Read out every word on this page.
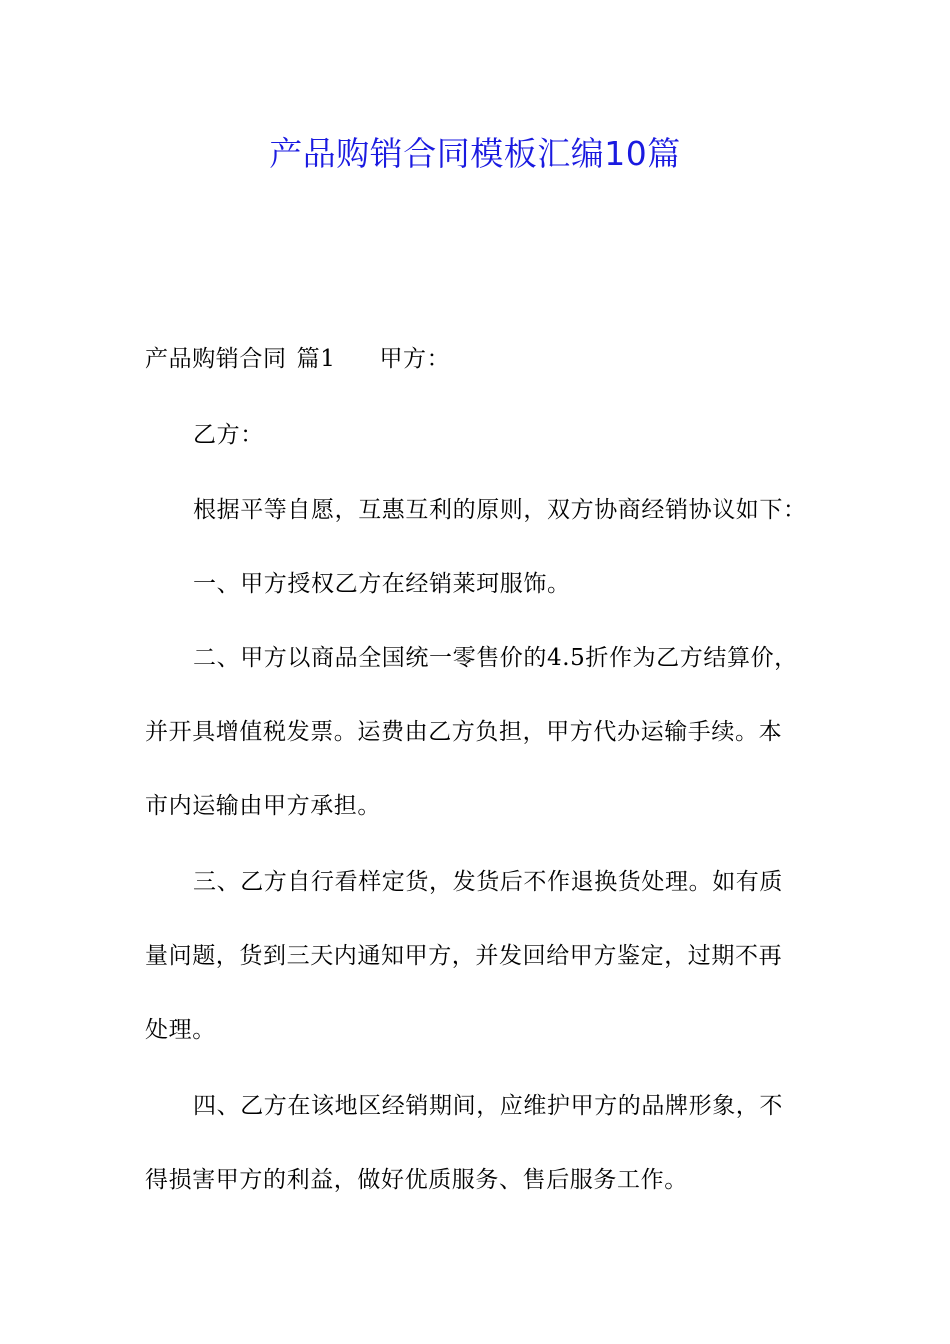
产品购销合同模板汇编10篇
产品购销合同 篇1 甲方：
乙方：
根据平等自愿，互惠互利的原则，双方协商经销协议如下：
一、甲方授权乙方在经销莱珂服饰。
二、甲方以商品全国统一零售价的4.5折作为乙方结算价，
并开具增值税发票。运费由乙方负担，甲方代办运输手续。本
市内运输由甲方承担。
三、乙方自行看样定货，发货后不作退换货处理。如有质
量问题，货到三天内通知甲方，并发回给甲方鉴定，过期不再
处理。
四、乙方在该地区经销期间，应维护甲方的品牌形象，不
得损害甲方的利益，做好优质服务、售后服务工作。
